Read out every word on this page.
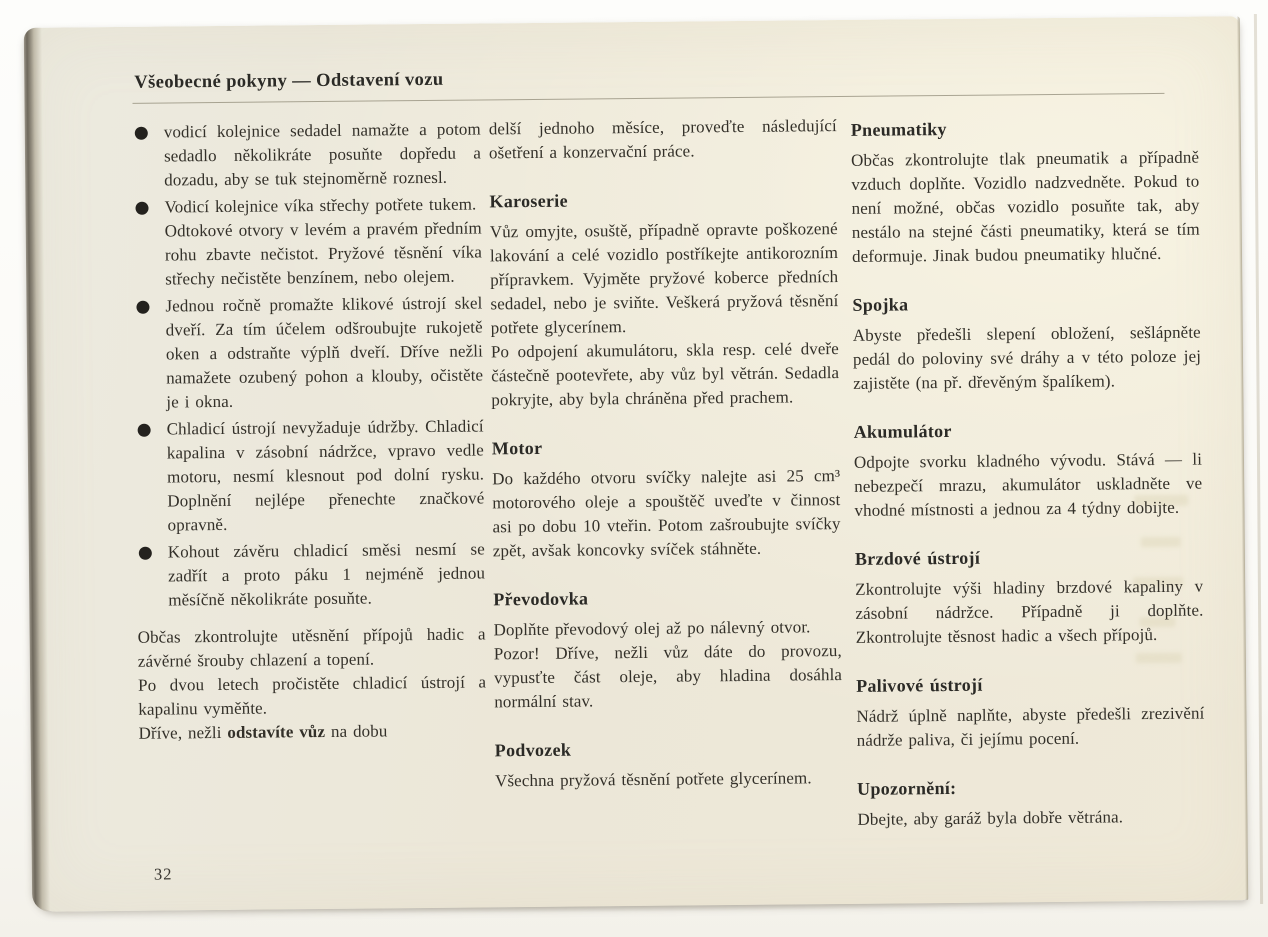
Všeobecné pokyny — Odstavení vozu

vodicí kolejnice sedadel namažte a potom sedadlo několikráte posuňte dopředu a dozadu, aby se tuk stejnoměrně roznesl.

Vodicí kolejnice víka střechy potřete tukem.

Odtokové otvory v levém a pravém předním rohu zbavte nečistot. Pryžové těsnění víka střechy nečistěte benzínem, nebo olejem.

Jednou ročně promažte klikové ústrojí skel dveří. Za tím účelem odšroubujte rukojetě oken a odstraňte výplň dveří. Dříve nežli namažete ozubený pohon a klouby, očistěte je i okna.

Chladicí ústrojí nevyžaduje údržby. Chladicí kapalina v zásobní nádržce, vpravo vedle motoru, nesmí klesnout pod dolní rysku. Doplnění nejlépe přenechte značkové opravně.

Kohout závěru chladicí směsi nesmí se zadřít a proto páku 1 nejméně jednou měsíčně několikráte posuňte.

Občas zkontrolujte utěsnění přípojů hadic a závěrné šrouby chlazení a topení.

Po dvou letech pročistěte chladicí ústrojí a kapalinu vyměňte.

Dříve, nežli odstavíte vůz na dobu

delší jednoho měsíce, proveďte následující ošetření a konzervační práce.

Karoserie

Vůz omyjte, osuště, případně opravte poškozené lakování a celé vozidlo postříkejte antikorozním přípravkem. Vyjměte pryžové koberce předních sedadel, nebo je sviňte. Veškerá pryžová těsnění potřete glycerínem.

Po odpojení akumulátoru, skla resp. celé dveře částečně pootevřete, aby vůz byl větrán. Sedadla pokryjte, aby byla chráněna před prachem.

Motor

Do každého otvoru svíčky nalejte asi 25 cm³ motorového oleje a spouštěč uveďte v činnost asi po dobu 10 vteřin. Potom zašroubujte svíčky zpět, avšak koncovky svíček stáhněte.

Převodovka

Doplňte převodový olej až po nálevný otvor.

Pozor! Dříve, nežli vůz dáte do provozu, vypusťte část oleje, aby hladina dosáhla normální stav.

Podvozek

Všechna pryžová těsnění potřete glycerínem.

Pneumatiky

Občas zkontrolujte tlak pneumatik a případně vzduch doplňte. Vozidlo nadzvedněte. Pokud to není možné, občas vozidlo posuňte tak, aby nestálo na stejné části pneumatiky, která se tím deformuje. Jinak budou pneumatiky hlučné.

Spojka

Abyste předešli slepení obložení, sešlápněte pedál do poloviny své dráhy a v této poloze jej zajistěte (na př. dřevěným špalíkem).

Akumulátor

Odpojte svorku kladného vývodu. Stává — li nebezpečí mrazu, akumulátor uskladněte ve vhodné místnosti a jednou za 4 týdny dobijte.

Brzdové ústrojí

Zkontrolujte výši hladiny brzdové kapaliny v zásobní nádržce. Případně ji doplňte. Zkontrolujte těsnost hadic a všech přípojů.

Palivové ústrojí

Nádrž úplně naplňte, abyste předešli zrezivění nádrže paliva, či jejímu pocení.

Upozornění:

Dbejte, aby garáž byla dobře větrána.

32
